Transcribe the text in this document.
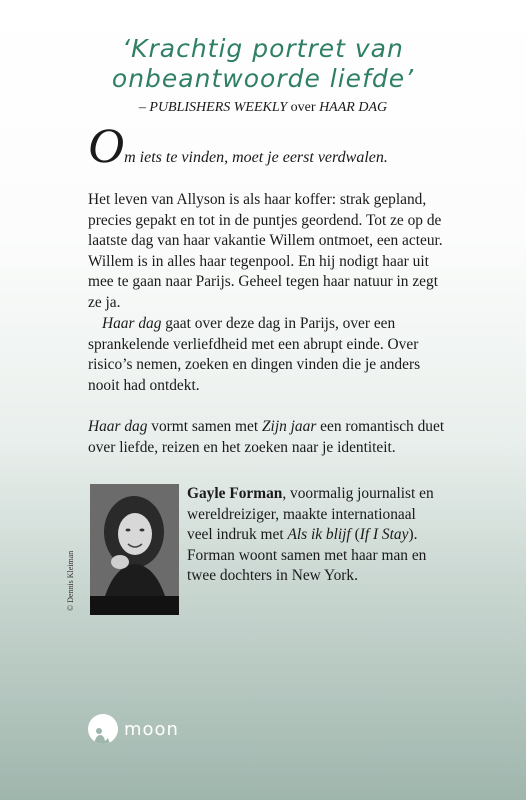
‘Krachtig portret van
onbeantwoorde liefde’
– PUBLISHERS WEEKLY over HAAR DAG
Om iets te vinden, moet je eerst verdwalen.

Het leven van Allyson is als haar koffer: strak gepland, precies gepakt en tot in de puntjes geordend. Tot ze op de laatste dag van haar vakantie Willem ontmoet, een acteur. Willem is in alles haar tegenpool. En hij nodigt haar uit mee te gaan naar Parijs. Geheel tegen haar natuur in zegt ze ja.

Haar dag gaat over deze dag in Parijs, over een sprankelende verliefdheid met een abrupt einde. Over risico’s nemen, zoeken en dingen vinden die je anders nooit had ontdekt.

Haar dag vormt samen met Zijn jaar een romantisch duet over liefde, reizen en het zoeken naar je identiteit.

© Dennis Kleiman
Gayle Forman, voormalig journalist en wereldreiziger, maakte internationaal veel indruk met Als ik blijf (If I Stay). Forman woont samen met haar man en twee dochters in New York.
moon
